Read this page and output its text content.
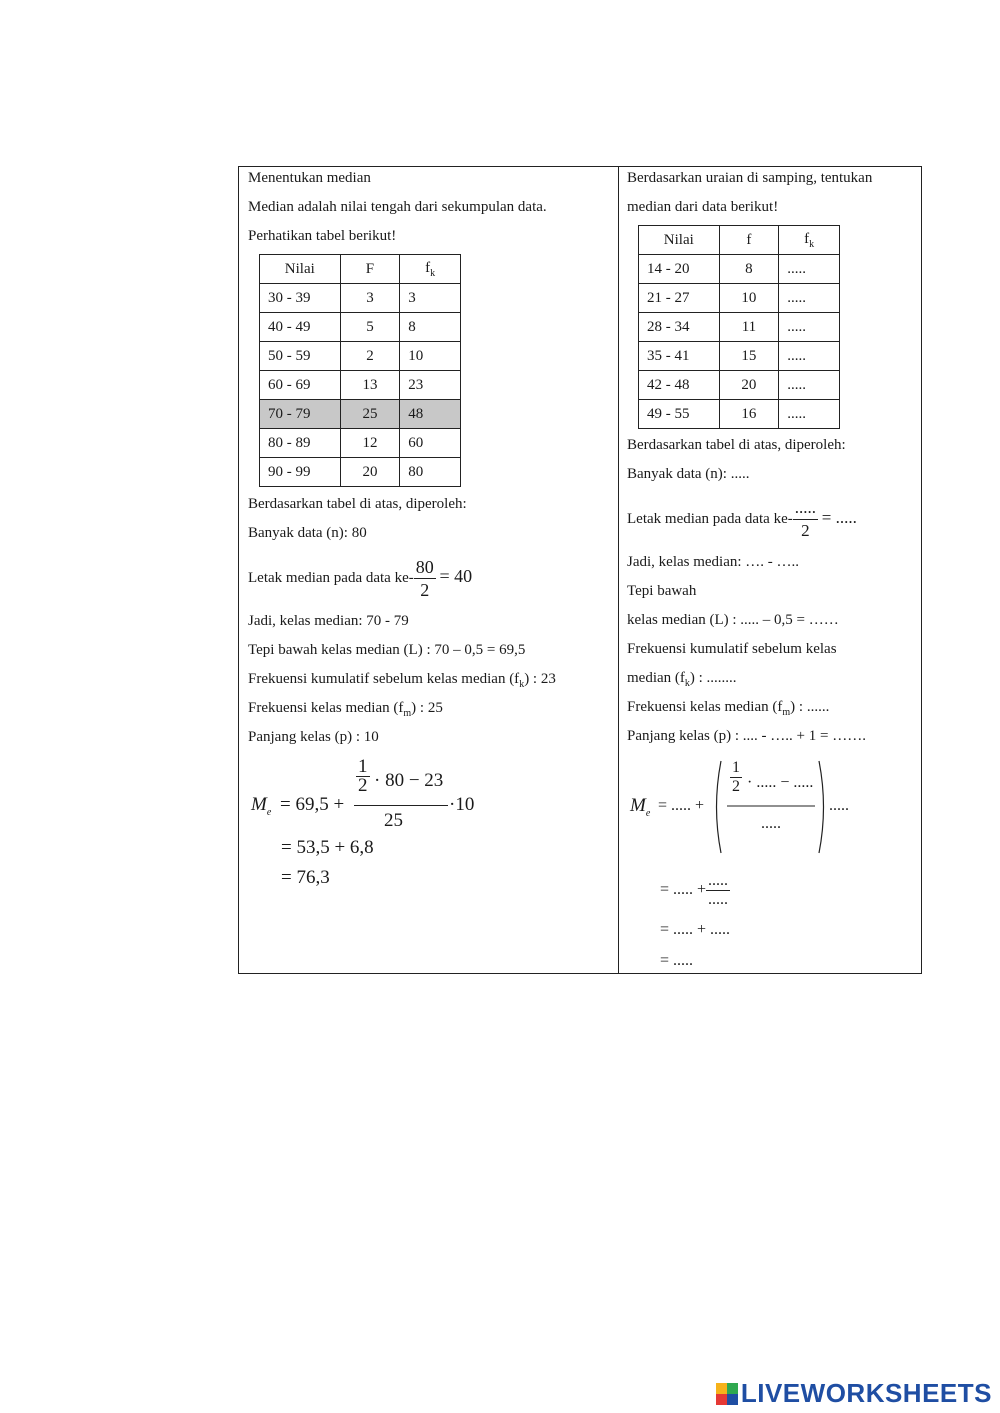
Menentukan median
Median adalah nilai tengah dari sekumpulan data.
Perhatikan tabel berikut!
Nilai	F	$f_k$
30 - 39	3	3
40 - 49	5	8
50 - 59	2	10
60 - 69	13	23
70 - 79	25	48
80 - 89	12	60
90 - 99	20	80
Berdasarkan tabel di atas, diperoleh:
Banyak data (n): 80
Letak median pada data $ke- \frac{80}{2} = 40$
Jadi, kelas median: 70 - 79
Tepi bawah kelas median (L) : 70 – 0,5 = 69,5
Frekuensi kumulatif sebelum kelas median $(f_k)$ : 23
Frekuensi kelas median $(f_m)$ : 25
Panjang kelas (p) : 10
$M_e = 69,5$ +
$\frac{1}{2} \cdot 80 - 23$
25
·10
= 53,5 + 6,8
= 76,3
Berdasarkan uraian di samping, tentukan
median dari data berikut!
Nilai	f	$f_k$
14 - 20	8	.....
21 - 27	10	.....
28 - 34	11	.....
35 - 41	15	.....
42 - 48	20	.....
49 - 55	16	.....
Berdasarkan tabel di atas, diperoleh:
Banyak data (n): .....
Letak median pada data $ke- \frac{.....}{2}$ = .....
Jadi, kelas median: …. - …..
Tepi bawah
kelas median (L) : ..... – 0,5 = ……
Frekuensi kumulatif sebelum kelas
median $(f_k)$ : ........
Frekuensi kelas median $(f_m)$ : ......
Panjang kelas (p) : .... - ….. + 1 = …….
$M_e$ = ..... +
$\frac{1}{2}$ · ..... − .....
.....
.....
= ..... + $\frac{.....}{.....}$
= ..... + .....
= .....
LIVEWORKSHEETS
